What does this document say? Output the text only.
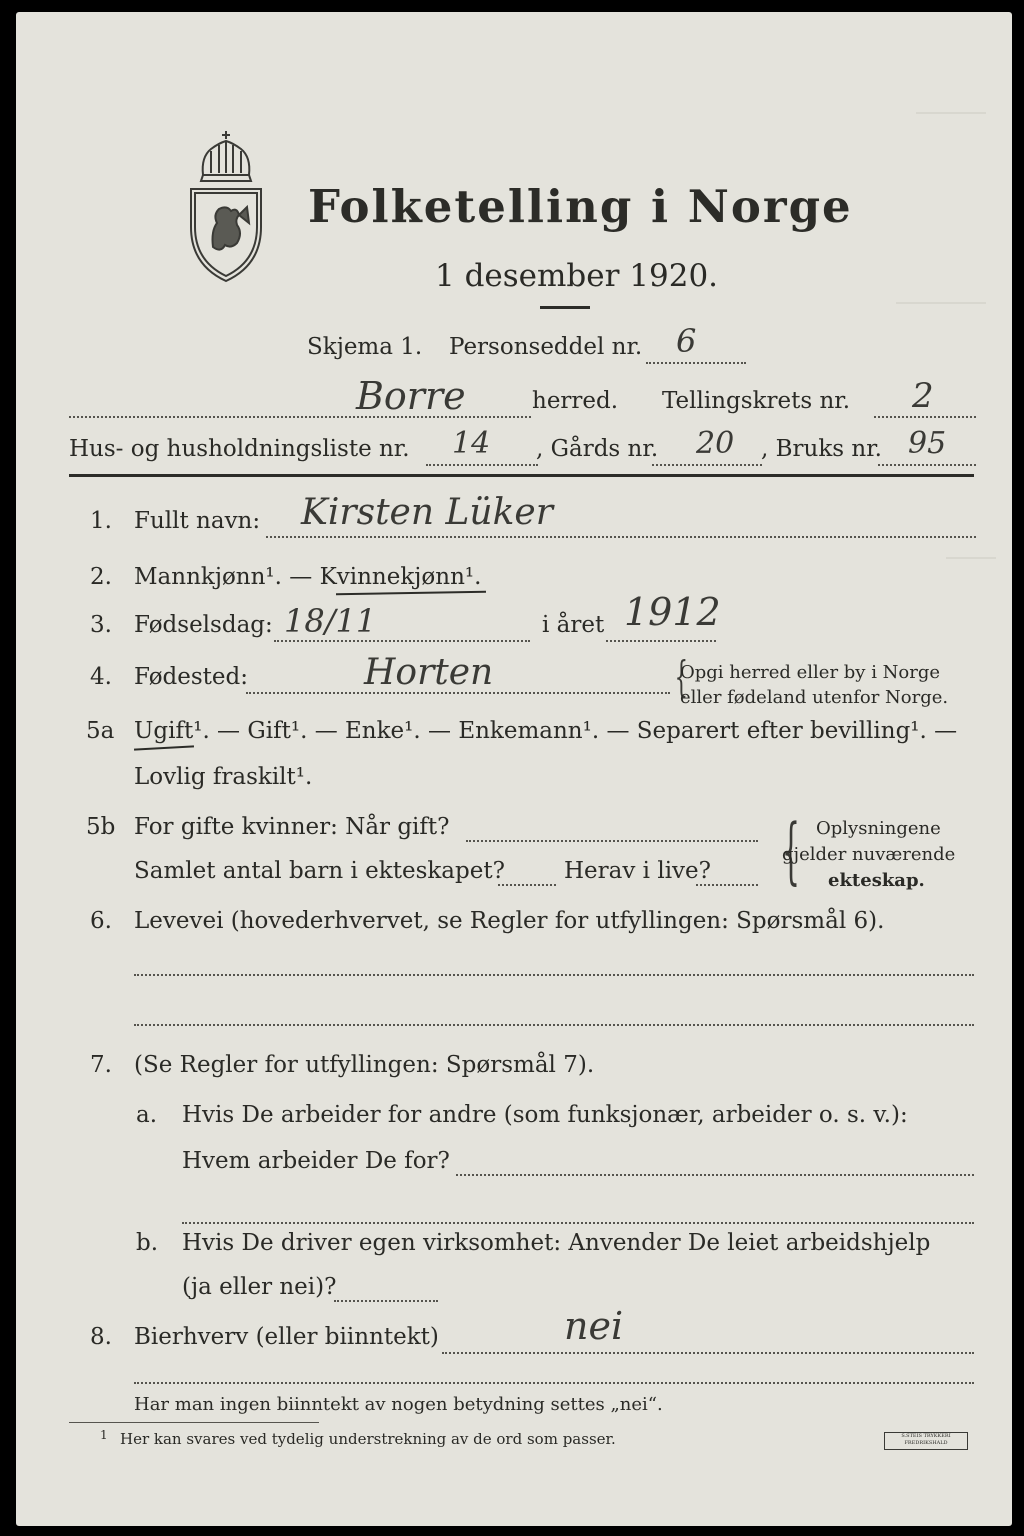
Folketelling i Norge
1 desember 1920.
Skjema 1. Personseddel nr. 6
Borre	herred. Tellingskrets nr. 2
Hus- og husholdningsliste nr. 14 , Gårds nr. 20 , Bruks nr. 95
1. Fullt navn: Kirsten Lüker
2. Mannkjønn¹. — Kvinnekjønn¹.
3. Fødselsdag: 18/11	i året 1912
4. Fødested:	Horten	{
Opgi herred eller by i Norge
eller fødeland utenfor Norge.
5a Ugift¹. — Gift¹. — Enke¹. — Enkemann¹. — Separert efter bevilling¹. —
Lovlig fraskilt¹.
5b For gifte kvinner: Når gift?
Samlet antal barn i ekteskapet?	Herav i live? { Oplysningene
gjelder nuværende
ekteskap.
6. Levevei (hovederhvervet, se Regler for utfyllingen: Spørsmål 6).
7. (Se Regler for utfyllingen: Spørsmål 7).
a. Hvis De arbeider for andre (som funksjonær, arbeider o. s. v.):
Hvem arbeider De for?
b. Hvis De driver egen virksomhet: Anvender De leiet arbeidshjelp
(ja eller nei)?
8. Bierhverv (eller biinntekt)	nei
Har man ingen biinntekt av nogen betydning settes „nei“.
1 Her kan svares ved tydelig understrekning av de ord som passer.	S.STEIS TRYKKERI FREDRIKSHALD
